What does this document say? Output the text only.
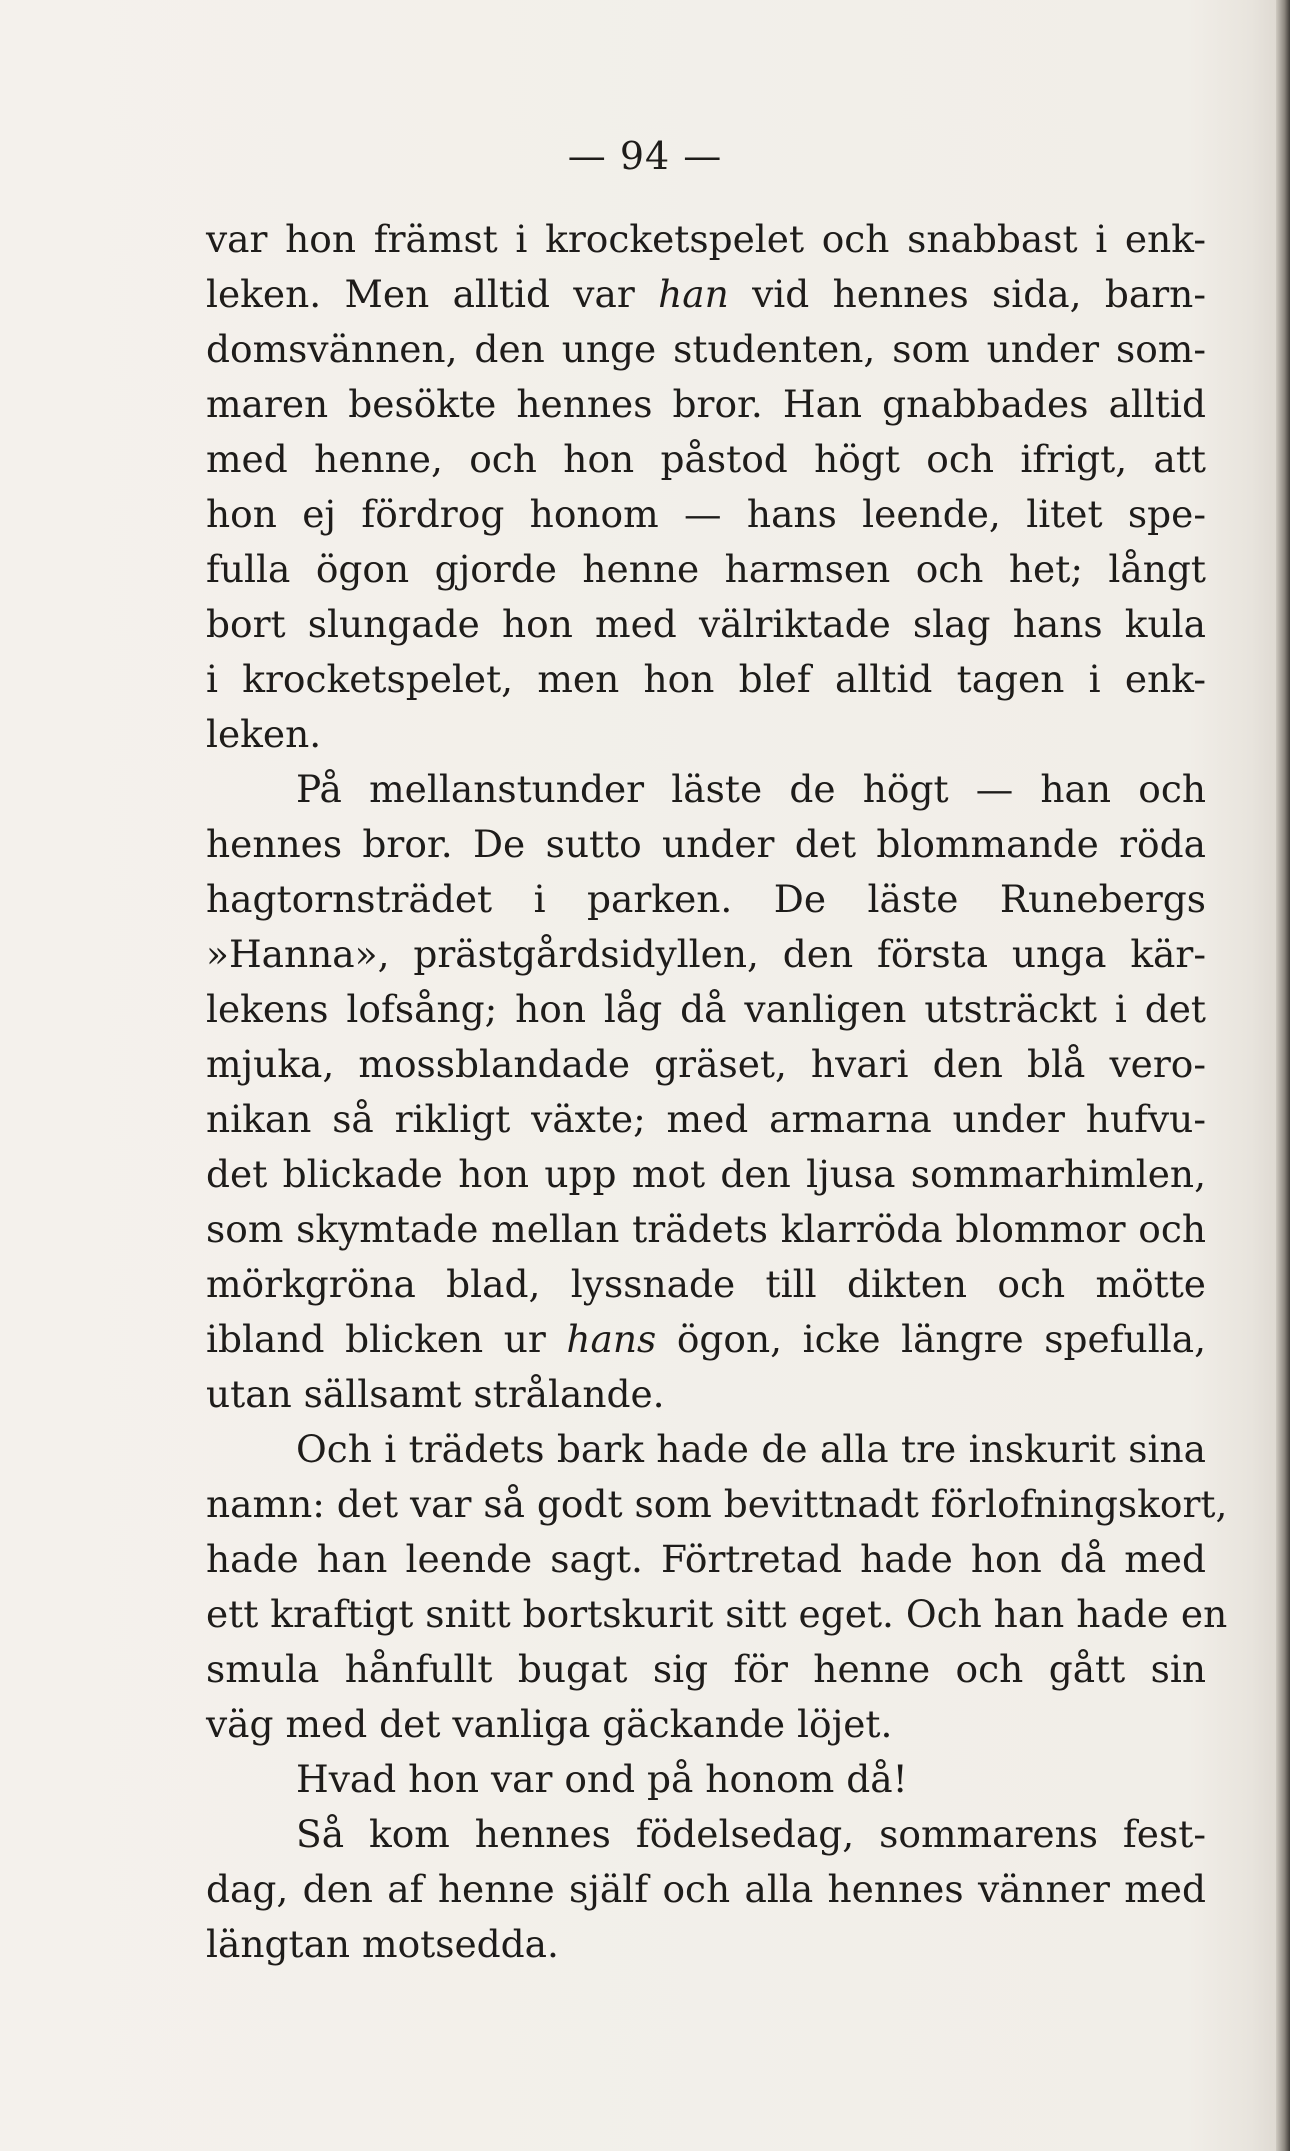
— 94 —
var hon främst i krocketspelet och snabbast i enk-
leken. Men alltid var han vid hennes sida, barn-
domsvännen, den unge studenten, som under som-
maren besökte hennes bror. Han gnabbades alltid
med henne, och hon påstod högt och ifrigt, att
hon ej fördrog honom — hans leende, litet spe-
fulla ögon gjorde henne harmsen och het; långt
bort slungade hon med välriktade slag hans kula
i krocketspelet, men hon blef alltid tagen i enk-
leken.
På mellanstunder läste de högt — han och
hennes bror. De sutto under det blommande röda
hagtornsträdet i parken. De läste Runebergs
»Hanna», prästgårdsidyllen, den första unga kär-
lekens lofsång; hon låg då vanligen utsträckt i det
mjuka, mossblandade gräset, hvari den blå vero-
nikan så rikligt växte; med armarna under hufvu-
det blickade hon upp mot den ljusa sommarhimlen,
som skymtade mellan trädets klarröda blommor och
mörkgröna blad, lyssnade till dikten och mötte
ibland blicken ur hans ögon, icke längre spefulla,
utan sällsamt strålande.
Och i trädets bark hade de alla tre inskurit sina
namn: det var så godt som bevittnadt förlofningskort,
hade han leende sagt. Förtretad hade hon då med
ett kraftigt snitt bortskurit sitt eget. Och han hade en
smula hånfullt bugat sig för henne och gått sin
väg med det vanliga gäckande löjet.
Hvad hon var ond på honom då!
Så kom hennes födelsedag, sommarens fest-
dag, den af henne själf och alla hennes vänner med
längtan motsedda.
